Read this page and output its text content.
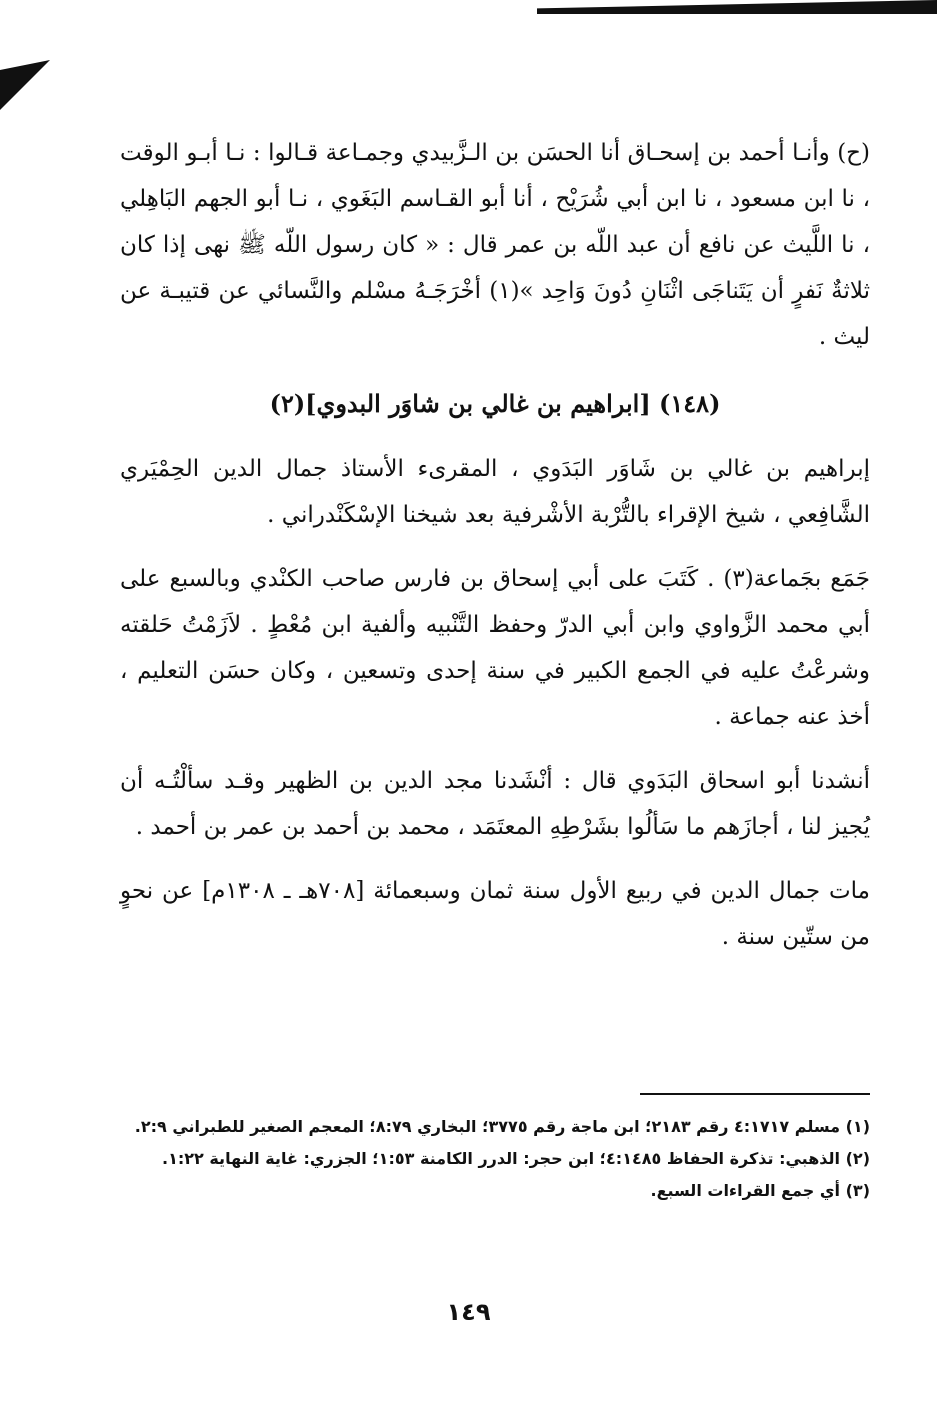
(ح) وأنـا أحمد بن إسحـاق أنا الحسَن بن الـزَّبيدي وجمـاعة قـالوا : نـا أبـو الوقت ، نا ابن مسعود ، نا ابن أبي شُرَيْح ، أنا أبو القـاسم البَغَوي ، نـا أبو الجهم البَاهِلي ، نا اللَّيث عن نافع أن عبد اللّه بن عمر قال : « كان رسول اللّه ﷺ نهى إذا كان ثلاثةٌ نَفرٍ أن يَتَناجَى اثْنَانِ دُونَ وَاحِد »(١) أخْرَجَـهُ مسْلم والنَّسائي عن قتيبـة عن ليث .

(١٤٨) [ابراهيم بن غالي بن شاوَر البدوي](٢)

إبراهيم بن غالي بن شَاوَر البَدَوي ، المقرىء الأستاذ جمال الدين الحِمْيَري الشَّافِعي ، شيخ الإقراء بالتُّرْبة الأشْرفية بعد شيخنا الإسْكَنْدراني .

جَمَع بجَماعة(٣) . كَتَبَ على أبي إسحاق بن فارس صاحب الكنْدي وبالسبع على أبي محمد الزَّواوي وابن أبي الدرّ وحفظ التَّنْبيه وألفية ابن مُعْطٍ . لاَزَمْتُ حَلقته وشرعْتُ عليه في الجمع الكبير في سنة إحدى وتسعين ، وكان حسَن التعليم ، أخذ عنه جماعة .

أنشدنا أبو اسحاق البَدَوي قال : أنْشَدنا مجد الدين بن الظهير وقـد سألْتُـه أن يُجيز لنا ، أجازَهم ما سَألُوا بشَرْطِهِ المعتَمَد ، محمد بن أحمد بن عمر بن أحمد .

مات جمال الدين في ربيع الأول سنة ثمان وسبعمائة [٧٠٨هـ ـ ١٣٠٨م] عن نحوٍ من ستّين سنة .

(١) مسلم ٤:١٧١٧ رقم ٢١٨٣؛ ابن ماجة رقم ٣٧٧٥؛ البخاري ٨:٧٩؛ المعجم الصغير للطبراني ٢:٩.

(٢) الذهبي: تذكرة الحفاظ ٤:١٤٨٥؛ ابن حجر: الدرر الكامنة ١:٥٣؛ الجزري: غاية النهاية ١:٢٢.

(٣) أي جمع القراءات السبع.

١٤٩
